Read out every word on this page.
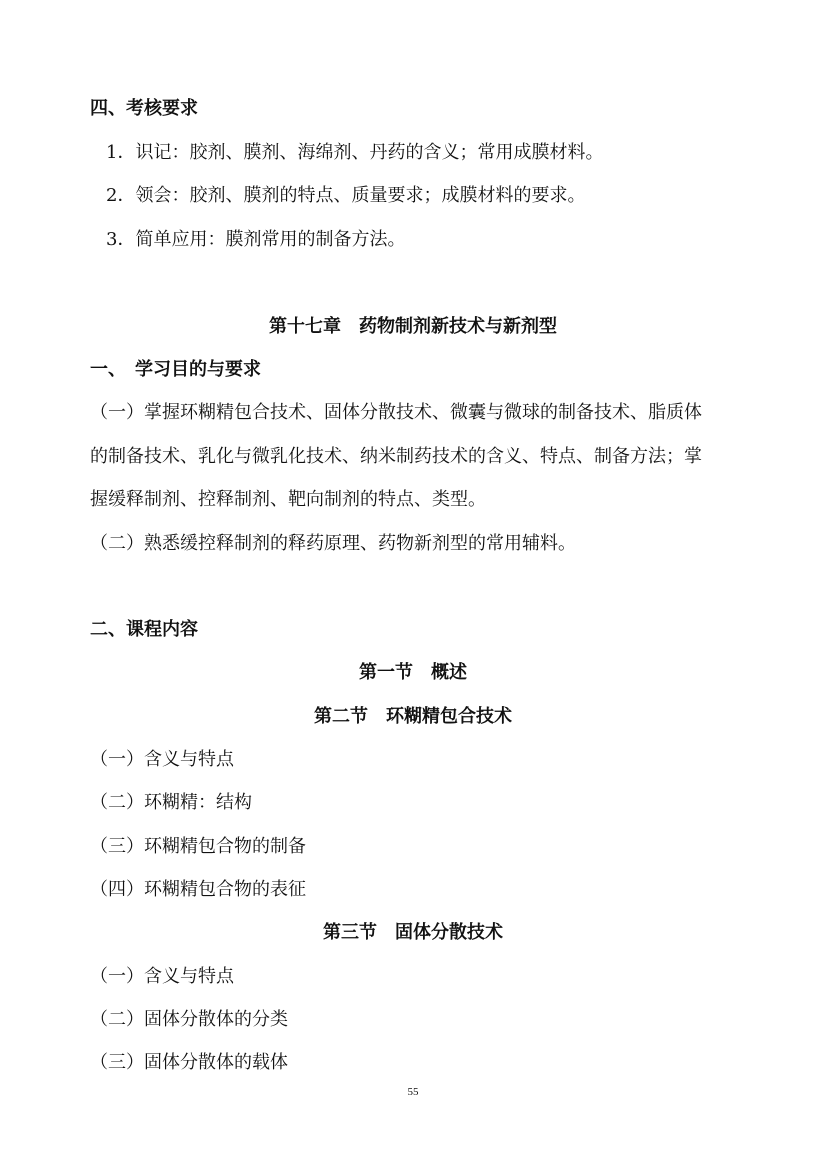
四、考核要求
1．识记：胶剂、膜剂、海绵剂、丹药的含义；常用成膜材料。
2．领会：胶剂、膜剂的特点、质量要求；成膜材料的要求。
3．简单应用：膜剂常用的制备方法。
第十七章　药物制剂新技术与新剂型
一、　学习目的与要求
（一）掌握环糊精包合技术、固体分散技术、微囊与微球的制备技术、脂质体
的制备技术、乳化与微乳化技术、纳米制药技术的含义、特点、制备方法；掌
握缓释制剂、控释制剂、靶向制剂的特点、类型。
（二）熟悉缓控释制剂的释药原理、药物新剂型的常用辅料。
二、课程内容
第一节　概述
第二节　环糊精包合技术
（一）含义与特点
（二）环糊精：结构
（三）环糊精包合物的制备
（四）环糊精包合物的表征
第三节　固体分散技术
（一）含义与特点
（二）固体分散体的分类
（三）固体分散体的载体
55
